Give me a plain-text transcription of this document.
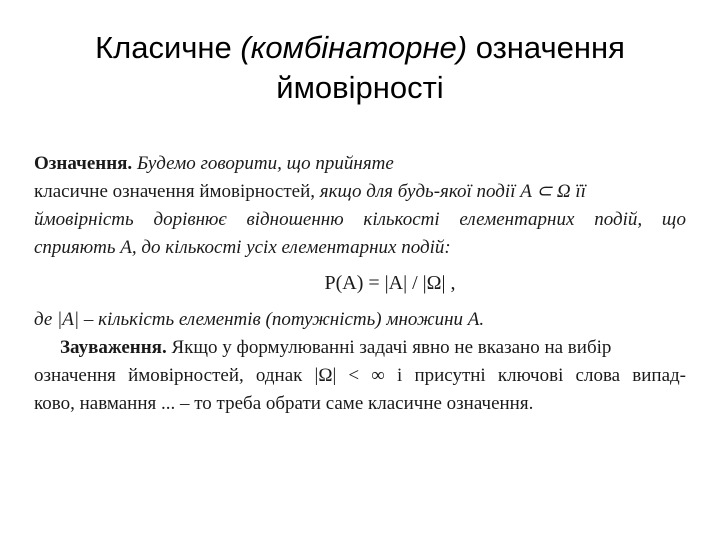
Класичне (комбінаторне) означення
ймовірності
Означення. Будемо говорити, що прийняте
класичне означення ймовірностей, якщо для будь-якої події A ⊂ Ω її
ймовірність дорівнює відношенню кількості елементарних подій, що
сприяють A, до кількості усіх елементарних подій:
P(A) = |A| / |Ω| ,
де |A| – кількість елементів (потужність) множини A.
Зауваження. Якщо у формулюванні задачі явно не вказано на вибір
означення ймовірностей, однак |Ω| < ∞ і присутні ключові слова випад-
ково, навмання ... – то треба обрати саме класичне означення.
